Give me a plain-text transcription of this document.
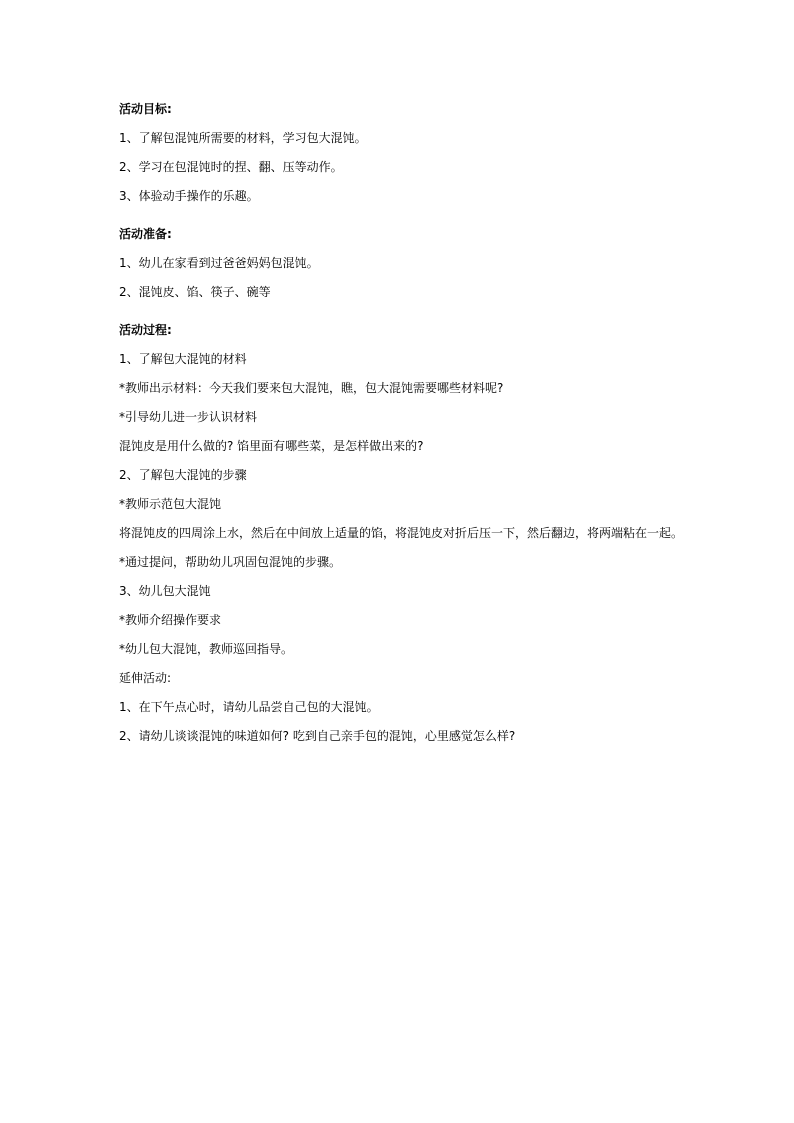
活动目标:
1、了解包混饨所需要的材料，学习包大混饨。
2、学习在包混饨时的捏、翻、压等动作。
3、体验动手操作的乐趣。
活动准备:
1、幼儿在家看到过爸爸妈妈包混饨。
2、混饨皮、馅、筷子、碗等
活动过程:
1、了解包大混饨的材料
*教师出示材料：今天我们要来包大混饨，瞧，包大混饨需要哪些材料呢?
*引导幼儿进一步认识材料
混饨皮是用什么做的? 馅里面有哪些菜，是怎样做出来的?
2、了解包大混饨的步骤
*教师示范包大混饨
将混饨皮的四周涂上水，然后在中间放上适量的馅，将混饨皮对折后压一下，然后翻边，将两端粘在一起。
*通过提问，帮助幼儿巩固包混饨的步骤。
3、幼儿包大混饨
*教师介绍操作要求
*幼儿包大混饨，教师巡回指导。
延伸活动:
1、在下午点心时，请幼儿品尝自己包的大混饨。
2、请幼儿谈谈混饨的味道如何? 吃到自己亲手包的混饨，心里感觉怎么样?
